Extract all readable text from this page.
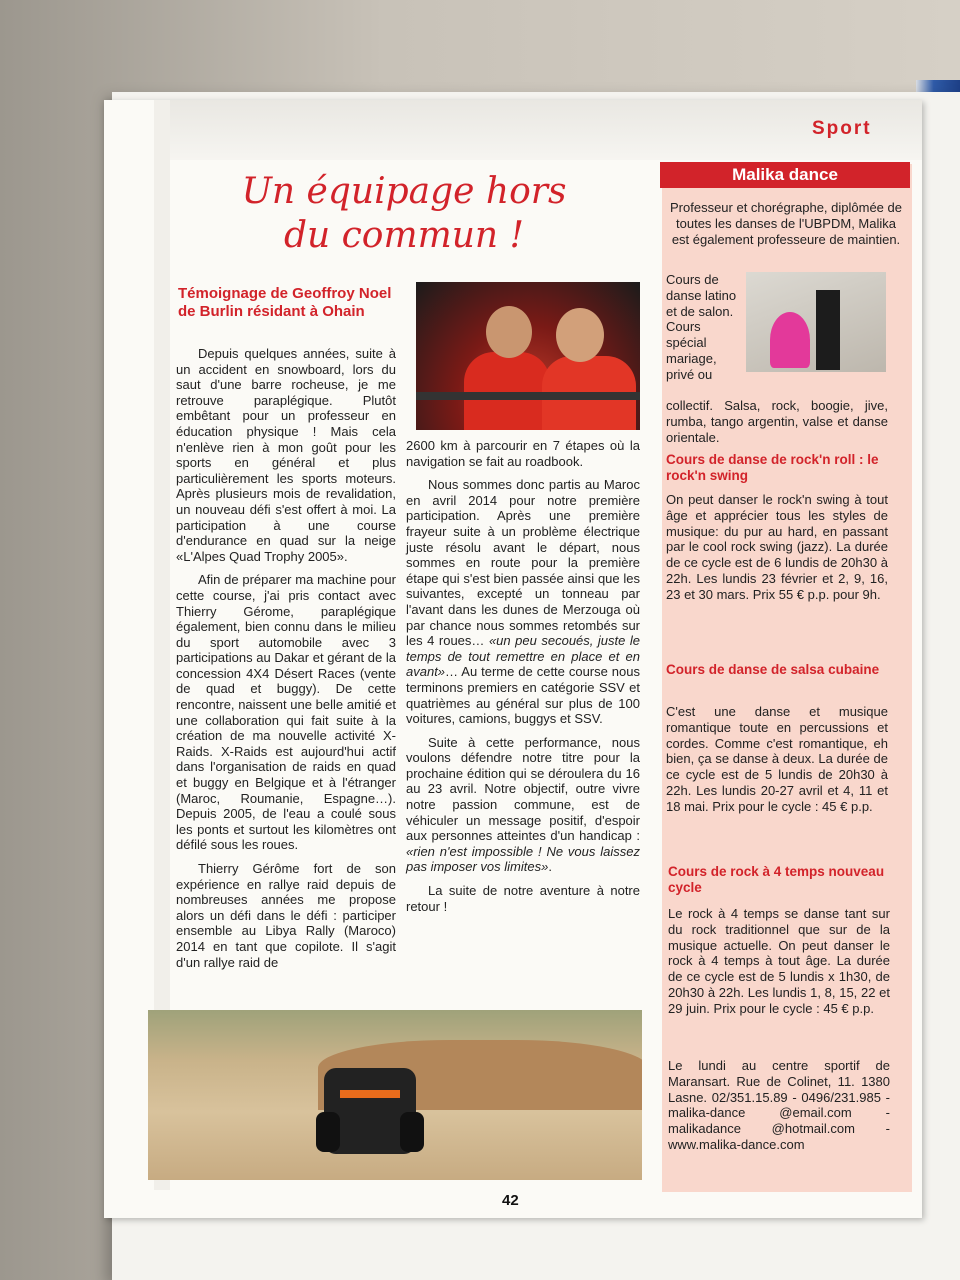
Sport
Un équipage hors
du commun !
Témoignage de Geoffroy Noel de Burlin résidant à Ohain

Depuis quelques années, suite à un accident en snowboard, lors du saut d'une barre rocheuse, je me retrouve paraplégique. Plutôt embêtant pour un professeur en éducation physique ! Mais cela n'enlève rien à mon goût pour les sports en général et plus particulièrement les sports moteurs. Après plusieurs mois de revalidation, un nouveau défi s'est offert à moi. La participation à une course d'endurance en quad sur la neige «L'Alpes Quad Trophy 2005».

Afin de préparer ma machine pour cette course, j'ai pris contact avec Thierry Gérome, paraplégique également, bien connu dans le milieu du sport automobile avec 3 participations au Dakar et gérant de la concession 4X4 Désert Races (vente de quad et buggy). De cette rencontre, naissent une belle amitié et une collaboration qui fait suite à la création de ma nouvelle activité X-Raids. X-Raids est aujourd'hui actif dans l'organisation de raids en quad et buggy en Belgique et à l'étranger (Maroc, Roumanie, Espagne…). Depuis 2005, de l'eau a coulé sous les ponts et surtout les kilomètres ont défilé sous les roues.

Thierry Gérôme fort de son expérience en rallye raid depuis de nombreuses années me propose alors un défi dans le défi : participer ensemble au Libya Rally (Maroco) 2014 en tant que copilote. Il s'agit d'un rallye raid de

2600 km à parcourir en 7 étapes où la navigation se fait au roadbook.

Nous sommes donc partis au Maroc en avril 2014 pour notre première participation. Après une première frayeur suite à un problème électrique juste résolu avant le départ, nous sommes en route pour la première étape qui s'est bien passée ainsi que les suivantes, excepté un tonneau par l'avant dans les dunes de Merzouga où par chance nous sommes retombés sur les 4 roues… «un peu secoués, juste le temps de tout remettre en place et en avant»… Au terme de cette course nous terminons premiers en catégorie SSV et quatrièmes au général sur plus de 100 voitures, camions, buggys et SSV.

Suite à cette performance, nous voulons défendre notre titre pour la prochaine édition qui se déroulera du 16 au 23 avril. Notre objectif, outre vivre notre passion commune, est de véhiculer un message positif, d'espoir aux personnes atteintes d'un handicap : «rien n'est impossible ! Ne vous laissez pas imposer vos limites».

La suite de notre aventure à notre retour !

Malika dance
Professeur et chorégraphe, diplômée de toutes les danses de l'UBPDM, Malika est également professeure de maintien.
Cours de danse latino et de salon. Cours spécial mariage, privé ou
collectif. Salsa, rock, boogie, jive, rumba, tango argentin, valse et danse orientale.
Cours de danse de rock'n roll : le rock'n swing
On peut danser le rock'n swing à tout âge et apprécier tous les styles de musique: du pur au hard, en passant par le cool rock swing (jazz). La durée de ce cycle est de 6 lundis de 20h30 à 22h. Les lundis 23 février et 2, 9, 16, 23 et 30 mars. Prix 55 € p.p. pour 9h.
Cours de danse de salsa cubaine
C'est une danse et musique romantique toute en percussions et cordes. Comme c'est romantique, eh bien, ça se danse à deux. La durée de ce cycle est de 5 lundis de 20h30 à 22h. Les lundis 20-27 avril et 4, 11 et 18 mai. Prix pour le cycle : 45 € p.p.
Cours de rock à 4 temps nouveau cycle
Le rock à 4 temps se danse tant sur du rock traditionnel que sur de la musique actuelle. On peut danser le rock à 4 temps à tout âge. La durée de ce cycle est de 5 lundis x 1h30, de 20h30 à 22h. Les lundis 1, 8, 15, 22 et 29 juin. Prix pour le cycle : 45 € p.p.
Le lundi au centre sportif de Maransart. Rue de Colinet, 11. 1380 Lasne. 02/351.15.89 - 0496/231.985 - malika-dance @email.com - malikadance @hotmail.com - www.malika-dance.com
42
